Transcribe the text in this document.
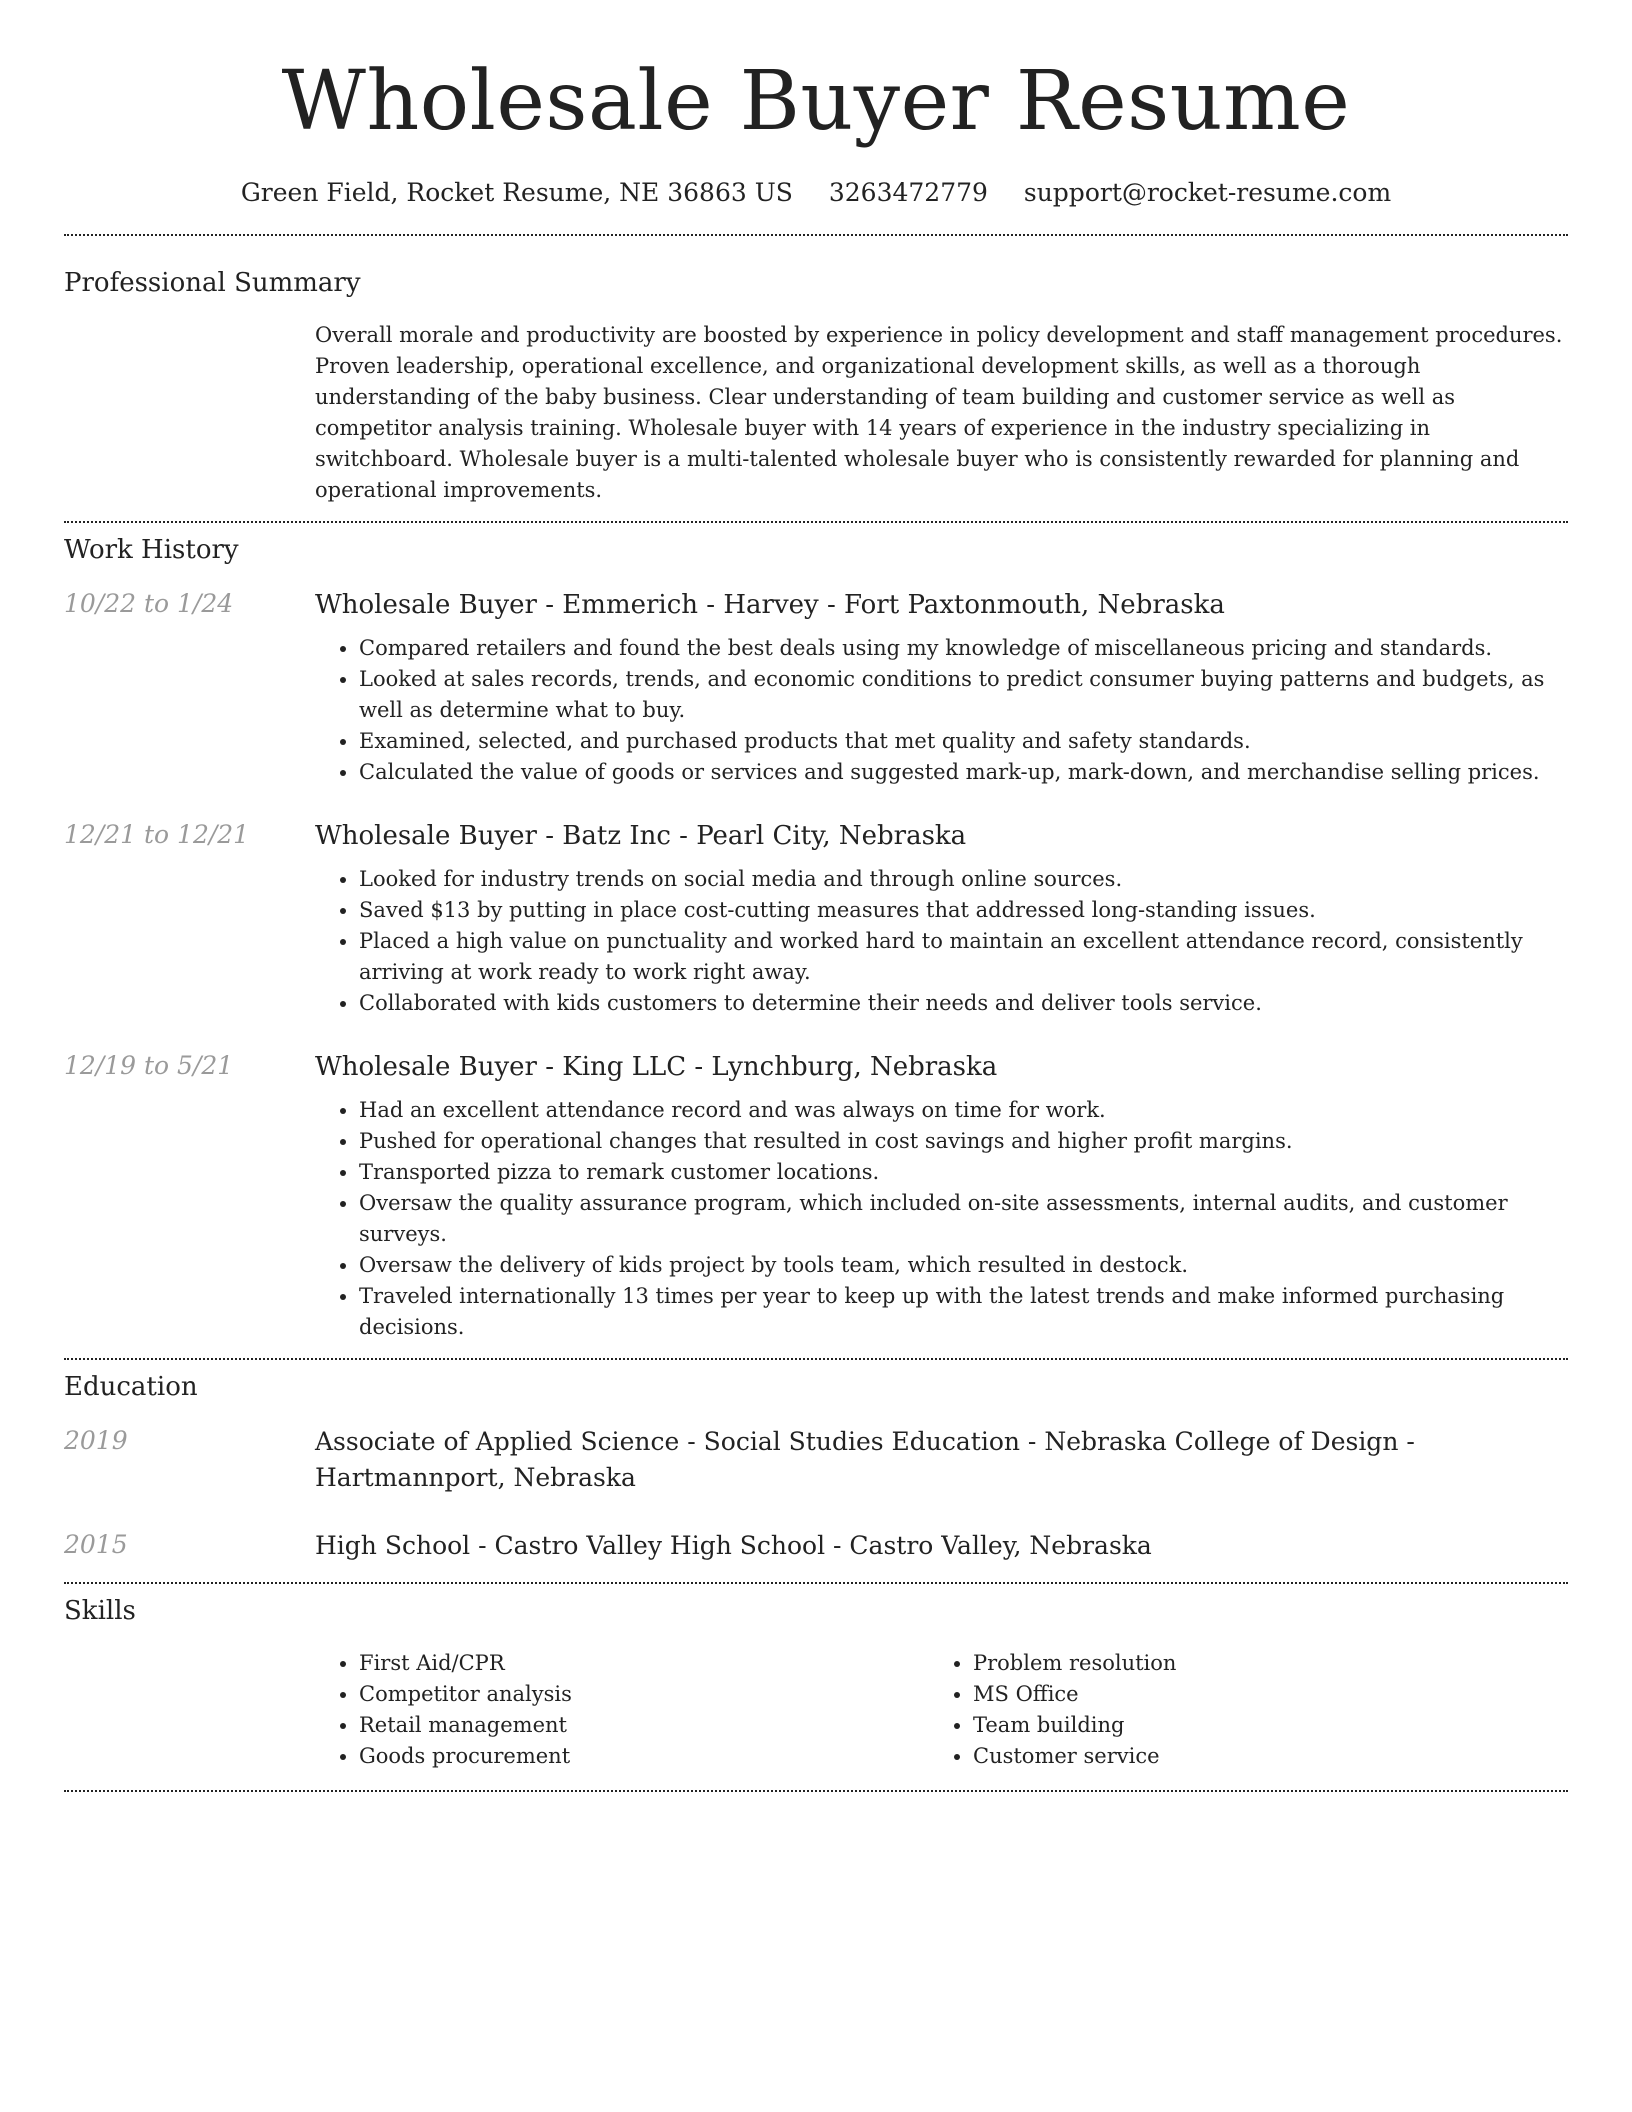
Wholesale Buyer Resume
Green Field, Rocket Resume, NE 36863 US 3263472779 support@rocket-resume.com
Professional Summary
Overall morale and productivity are boosted by experience in policy development and staff management procedures. Proven leadership, operational excellence, and organizational development skills, as well as a thorough understanding of the baby business. Clear understanding of team building and customer service as well as competitor analysis training. Wholesale buyer with 14 years of experience in the industry specializing in switchboard. Wholesale buyer is a multi-talented wholesale buyer who is consistently rewarded for planning and operational improvements.
Work History
10/22 to 1/24	Wholesale Buyer - Emmerich - Harvey - Fort Paxtonmouth, Nebraska
• Compared retailers and found the best deals using my knowledge of miscellaneous pricing and standards.
• Looked at sales records, trends, and economic conditions to predict consumer buying patterns and budgets, as well as determine what to buy.
• Examined, selected, and purchased products that met quality and safety standards.
• Calculated the value of goods or services and suggested mark-up, mark-down, and merchandise selling prices.
12/21 to 12/21	Wholesale Buyer - Batz Inc - Pearl City, Nebraska
• Looked for industry trends on social media and through online sources.
• Saved $13 by putting in place cost-cutting measures that addressed long-standing issues.
• Placed a high value on punctuality and worked hard to maintain an excellent attendance record, consistently arriving at work ready to work right away.
• Collaborated with kids customers to determine their needs and deliver tools service.
12/19 to 5/21	Wholesale Buyer - King LLC - Lynchburg, Nebraska
• Had an excellent attendance record and was always on time for work.
• Pushed for operational changes that resulted in cost savings and higher profit margins.
• Transported pizza to remark customer locations.
• Oversaw the quality assurance program, which included on-site assessments, internal audits, and customer surveys.
• Oversaw the delivery of kids project by tools team, which resulted in destock.
• Traveled internationally 13 times per year to keep up with the latest trends and make informed purchasing decisions.
Education
2019	Associate of Applied Science - Social Studies Education - Nebraska College of Design - Hartmannport, Nebraska
2015	High School - Castro Valley High School - Castro Valley, Nebraska
Skills
• First Aid/CPR
• Competitor analysis
• Retail management
• Goods procurement
• Problem resolution
• MS Office
• Team building
• Customer service
